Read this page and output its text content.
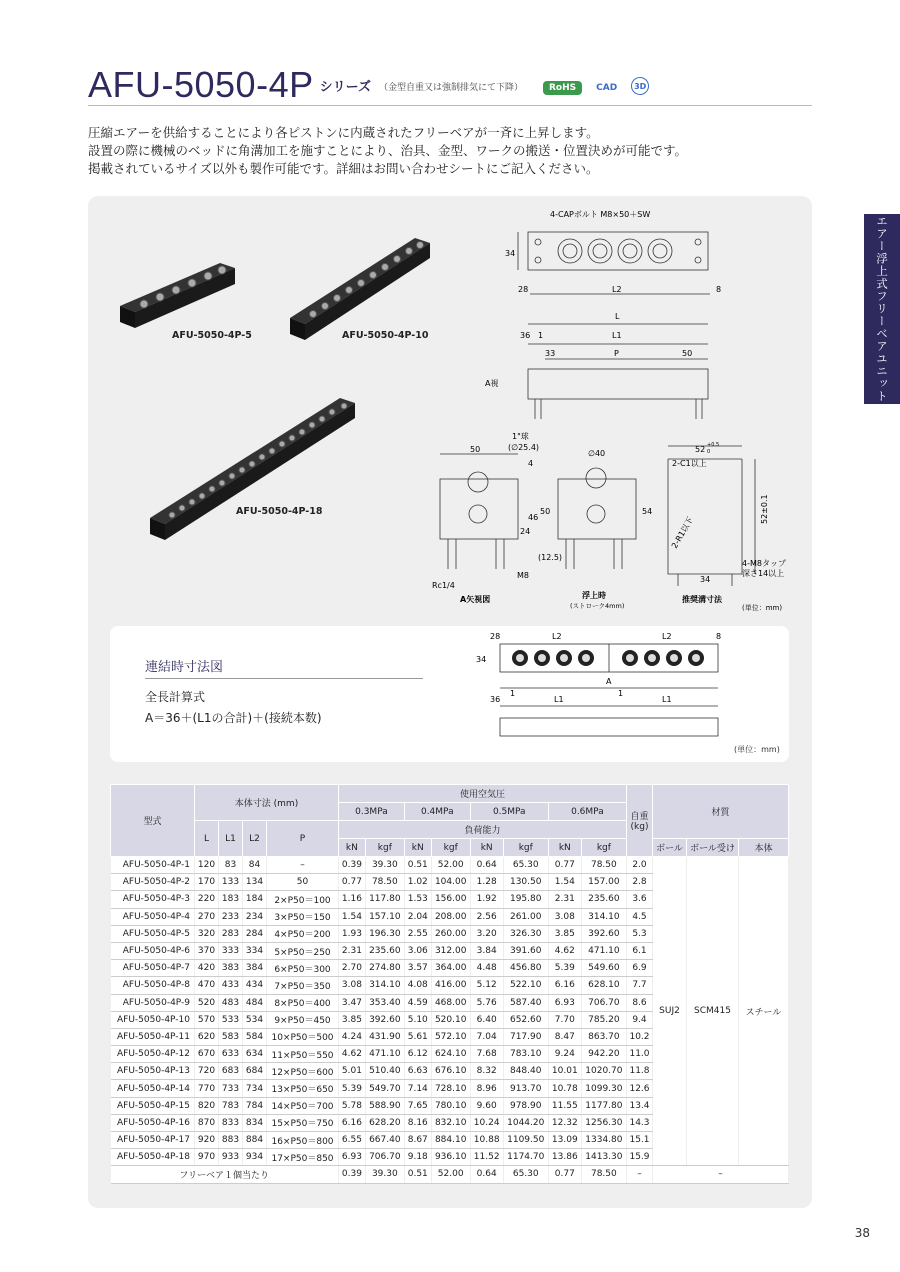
AFU-5050-4P シリーズ （金型自重又は強制排気にて下降）	RoHS	CAD	3D
圧縮エアーを供給することにより各ピストンに内蔵されたフリーベアが一斉に上昇します。
設置の際に機械のベッドに角溝加工を施すことにより、治具、金型、ワークの搬送・位置決めが可能です。
掲載されているサイズ以外も製作可能です。詳細はお問い合わせシートにご記入ください。
エアー浮上式フリーベアユニット
AFU-5050-4P-5	AFU-5050-4P-10
AFU-5050-4P-18
4-CAPボルト M8×50＋SW
34
28	L2	8
L
36 1	L1
33	P	50
A視
50
1"球
(∅25.4)
4
46
50
24
(12.5)
M8
Rc1/4
A矢視図
∅40
54
浮上時
(ストローク4mm)
52 +0.5
0
2-C1以上
2-R1以下
52±0.1
4-M8タップ
深さ14以上
34
推奨溝寸法
(単位：mm)
連結時寸法図
全長計算式
A＝36＋(L1の合計)＋(接続本数)
28	L2	L2	8
34
A
36
1
L1
1
L1
(単位：mm)
型式	本体寸法 (mm)				使用空気圧								自重
(kg)	材質		
					0.3MPa		0.4MPa		0.5MPa		0.6MPa					
	L	L1	L2	P	負荷能力											
					kN	kgf	kN	kgf	kN	kgf	kN	kgf		ボール	ボール受け	本体
AFU-5050-4P-1	120	83	84	–	0.39	39.30	0.51	52.00	0.64	65.30	0.77	78.50	2.0	SUJ2	SCM415	スチール
AFU-5050-4P-2	170	133	134	50	0.77	78.50	1.02	104.00	1.28	130.50	1.54	157.00	2.8			
AFU-5050-4P-3	220	183	184	2×P50＝100	1.16	117.80	1.53	156.00	1.92	195.80	2.31	235.60	3.6			
AFU-5050-4P-4	270	233	234	3×P50＝150	1.54	157.10	2.04	208.00	2.56	261.00	3.08	314.10	4.5			
AFU-5050-4P-5	320	283	284	4×P50＝200	1.93	196.30	2.55	260.00	3.20	326.30	3.85	392.60	5.3			
AFU-5050-4P-6	370	333	334	5×P50＝250	2.31	235.60	3.06	312.00	3.84	391.60	4.62	471.10	6.1			
AFU-5050-4P-7	420	383	384	6×P50＝300	2.70	274.80	3.57	364.00	4.48	456.80	5.39	549.60	6.9			
AFU-5050-4P-8	470	433	434	7×P50＝350	3.08	314.10	4.08	416.00	5.12	522.10	6.16	628.10	7.7			
AFU-5050-4P-9	520	483	484	8×P50＝400	3.47	353.40	4.59	468.00	5.76	587.40	6.93	706.70	8.6			
AFU-5050-4P-10	570	533	534	9×P50＝450	3.85	392.60	5.10	520.10	6.40	652.60	7.70	785.20	9.4			
AFU-5050-4P-11	620	583	584	10×P50＝500	4.24	431.90	5.61	572.10	7.04	717.90	8.47	863.70	10.2			
AFU-5050-4P-12	670	633	634	11×P50＝550	4.62	471.10	6.12	624.10	7.68	783.10	9.24	942.20	11.0			
AFU-5050-4P-13	720	683	684	12×P50＝600	5.01	510.40	6.63	676.10	8.32	848.40	10.01	1020.70	11.8			
AFU-5050-4P-14	770	733	734	13×P50＝650	5.39	549.70	7.14	728.10	8.96	913.70	10.78	1099.30	12.6			
AFU-5050-4P-15	820	783	784	14×P50＝700	5.78	588.90	7.65	780.10	9.60	978.90	11.55	1177.80	13.4			
AFU-5050-4P-16	870	833	834	15×P50＝750	6.16	628.20	8.16	832.10	10.24	1044.20	12.32	1256.30	14.3			
AFU-5050-4P-17	920	883	884	16×P50＝800	6.55	667.40	8.67	884.10	10.88	1109.50	13.09	1334.80	15.1			
AFU-5050-4P-18	970	933	934	17×P50＝850	6.93	706.70	9.18	936.10	11.52	1174.70	13.86	1413.30	15.9			
フリーベア１個当たり					0.39	39.30	0.51	52.00	0.64	65.30	0.77	78.50	–	–		
38
